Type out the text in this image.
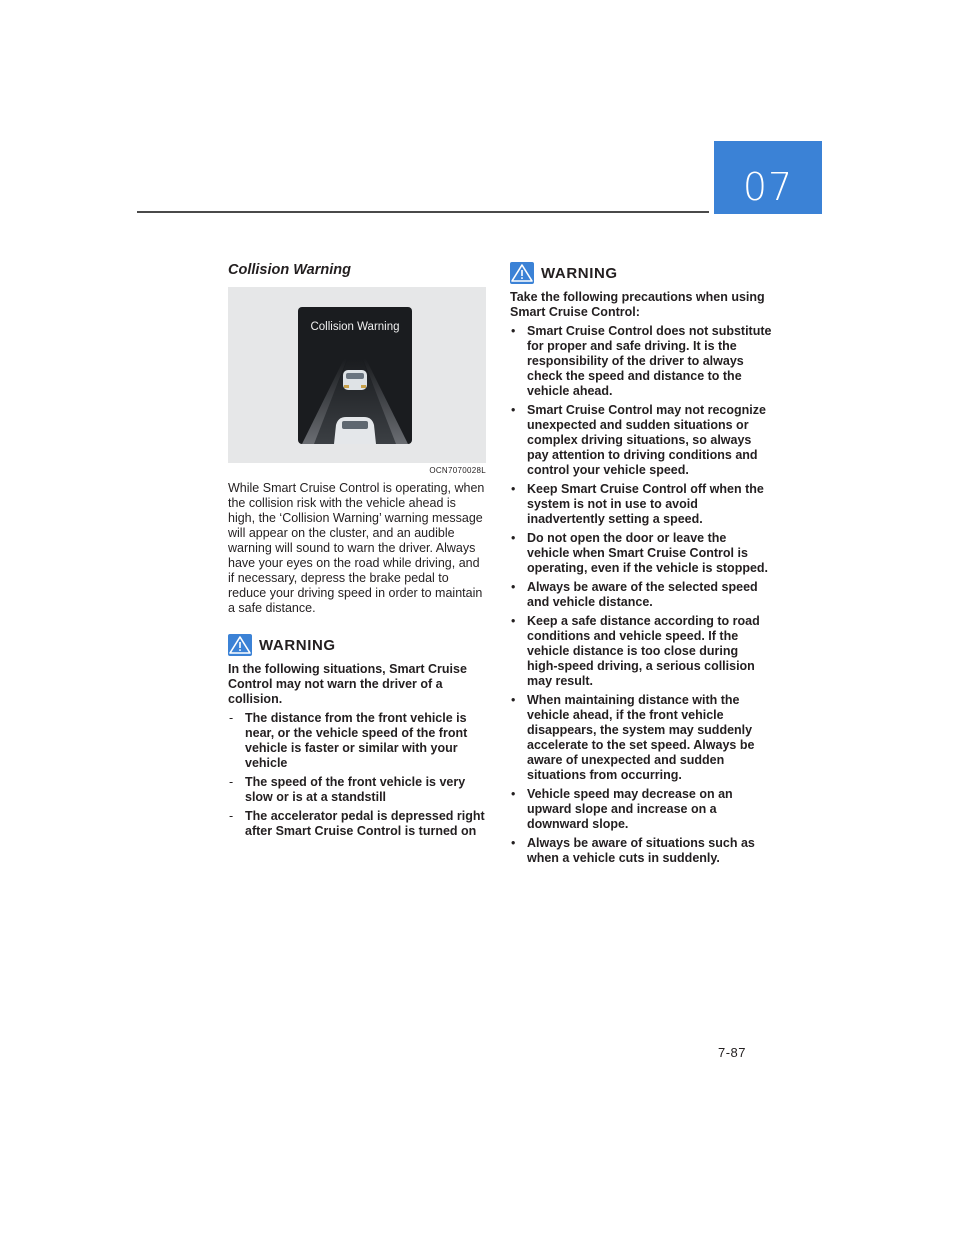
07
Collision Warning
Collision Warning
OCN7070028L

While Smart Cruise Control is operating, when the collision risk with the vehicle ahead is high, the ‘Collision Warning’ warning message will appear on the cluster, and an audible warning will sound to warn the driver. Always have your eyes on the road while driving, and if necessary, depress the brake pedal to reduce your driving speed in order to maintain a safe distance.

WARNING

In the following situations, Smart Cruise Control may not warn the driver of a collision.

- The distance from the front vehicle is near, or the vehicle speed of the front vehicle is faster or similar with your vehicle
- The speed of the front vehicle is very slow or is at a standstill
- The accelerator pedal is depressed right after Smart Cruise Control is turned on
WARNING

Take the following precautions when using Smart Cruise Control:

• Smart Cruise Control does not substitute for proper and safe driving. It is the responsibility of the driver to always check the speed and distance to the vehicle ahead.
• Smart Cruise Control may not recognize unexpected and sudden situations or complex driving situations, so always pay attention to driving conditions and control your vehicle speed.
• Keep Smart Cruise Control off when the system is not in use to avoid inadvertently setting a speed.
• Do not open the door or leave the vehicle when Smart Cruise Control is operating, even if the vehicle is stopped.
• Always be aware of the selected speed and vehicle distance.
• Keep a safe distance according to road conditions and vehicle speed. If the vehicle distance is too close during high-speed driving, a serious collision may result.
• When maintaining distance with the vehicle ahead, if the front vehicle disappears, the system may suddenly accelerate to the set speed. Always be aware of unexpected and sudden situations from occurring.
• Vehicle speed may decrease on an upward slope and increase on a downward slope.
• Always be aware of situations such as when a vehicle cuts in suddenly.
7-87
